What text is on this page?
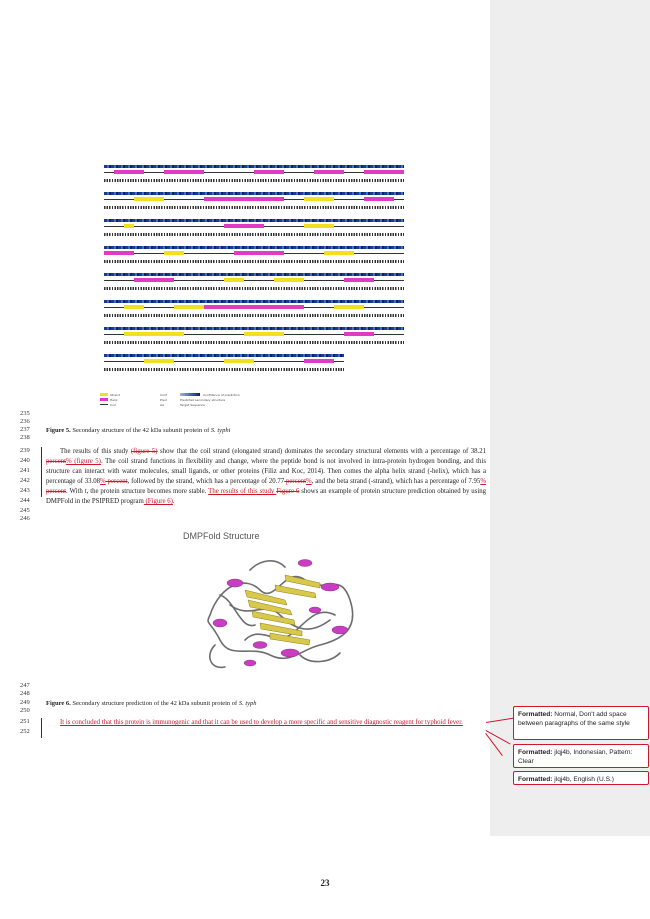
Strand
Helix
Coil
Conf	Confidence of prediction
Pred	Predicted secondary structure
AA	Target Sequence
235
236
237
238
239
240
241
242
243
244
245
246
247
248
249
250
251
252
Figure 5. Secondary structure of the 42 kDa subunit protein of S. typhi
The results of this study (figure 5) show that the coil strand (elongated strand) dominates the secondary structural elements with a percentage of 38.21 percent% (figure 5). The coil strand functions in flexibility and change, where the peptide bond is not involved in intra-protein hydrogen bonding, and this structure can interact with water molecules, small ligands, or other proteins (Filiz and Koc, 2014). Then comes the alpha helix strand (-helix), which has a percentage of 33.08% percent, followed by the strand, which has a percentage of 20.77 percent%, and the beta strand (-strand), which has a percentage of 7.95% percent. With t, the protein structure becomes more stable. The results of this study Figure 6 shows an example of protein structure prediction obtained by using DMPFold in the PSIPRED program (Figure 6).
DMPFold Structure
Figure 6. Secondary structure prediction of the 42 kDa subunit protein of S. typh
It is concluded that this protein is immunogenic and that it can be used to develop a more specific and sensitive diagnostic reagent for typhoid fever.
Formatted: Normal, Don't add space between paragraphs of the same style
Formatted: jlqj4b, Indonesian, Pattern: Clear
Formatted: jlqj4b, English (U.S.)
23
